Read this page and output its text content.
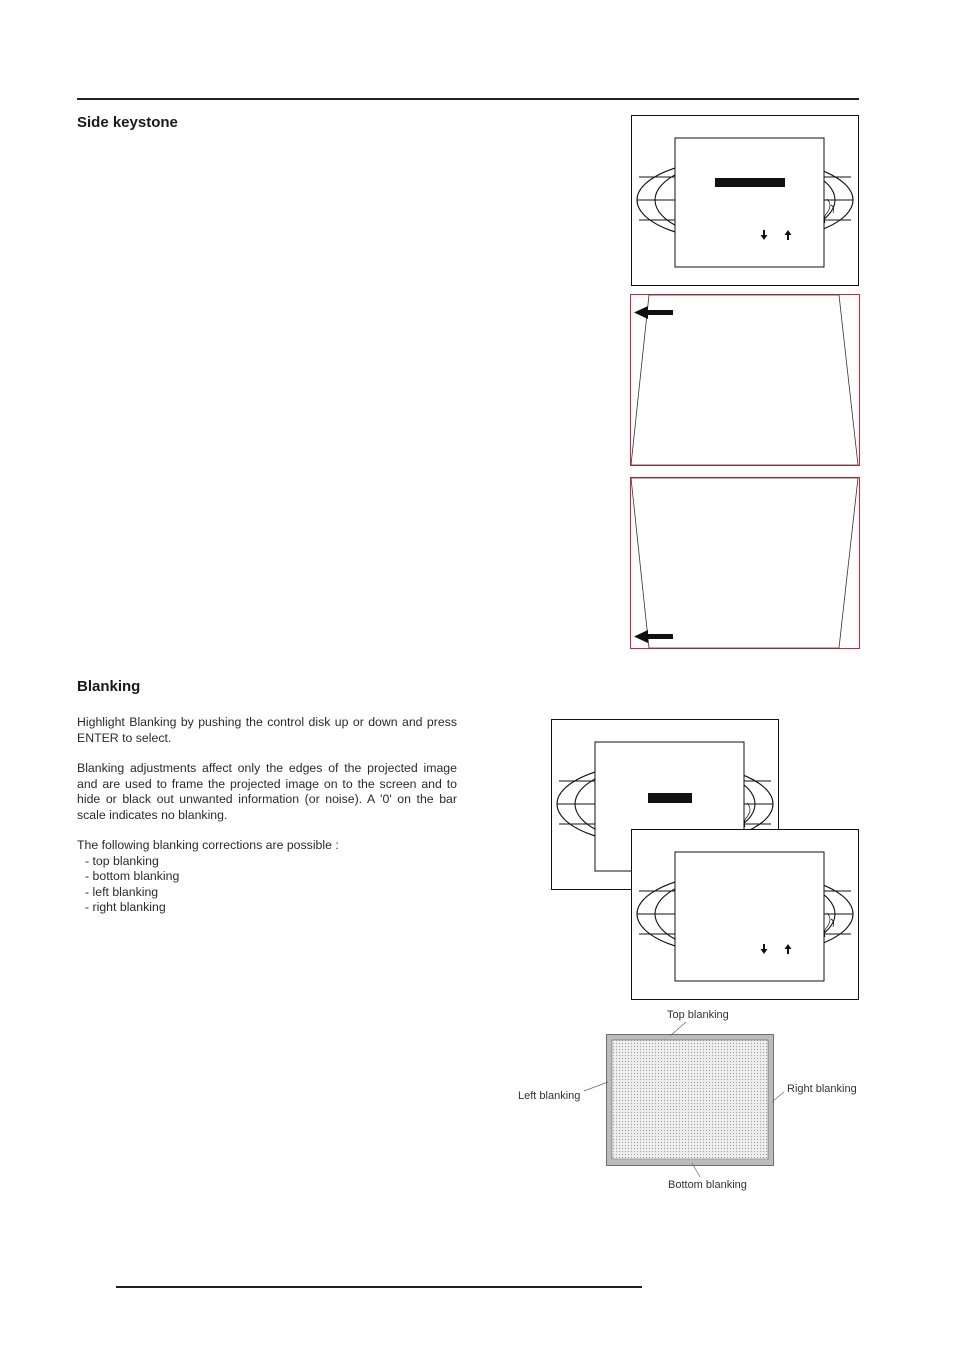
Side keystone
Blanking

Highlight Blanking by pushing the control disk up or down and press ENTER to select.

Blanking adjustments affect only the edges of the projected image and are used to frame the projected image on to the screen and to hide or black out unwanted information (or noise). A '0' on the bar scale indicates no blanking.

The following blanking corrections are possible :

- top blanking
- bottom blanking
- left blanking
- right blanking
Top blanking
Left blanking
Right blanking
Bottom blanking
